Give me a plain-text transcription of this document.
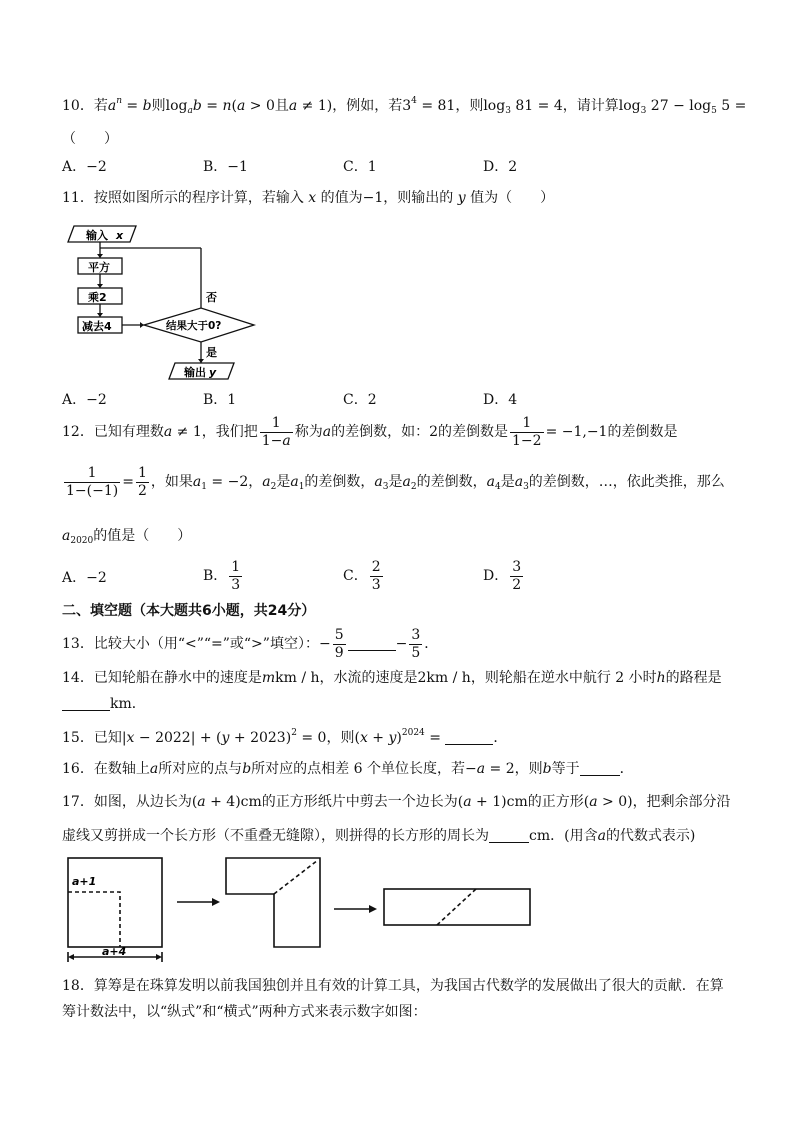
10．若$a^n = b$则$\log_ab = n(a > 0$且a ≠ 1)，例如，若$3^4 = 81$，则$\log_3 81 = 4$，请计算$\log_3 27 - \log_5 5$ =
（　　）
A．−2	B．−1	C．1	D．2
11．按照如图所示的程序计算，若输入 x 的值为−1，则输出的 y 值为（　　）
输入 x
平方
乘2
减去4	结果大于0?
否
是
输出 y
A．−2	B．1	C．2	D．4
12．已知有理数a ≠ 1，我们把 $\frac{1}{1-a}$ 称为a的差倒数，如：2的差倒数是 $\frac{1}{1-2} = -1,-1$的差倒数是
$\frac{1}{1-(-1)} = \frac{1}{2}$ ，如果$a_1 = -2$，$a_2$是$a_1$的差倒数，$a_3$是$a_2$的差倒数，$a_4$是$a_3$的差倒数，…，依此类推，那么
$a_{2020}$的值是（　　）
A．−2	B． $\frac{1}{3}$	C． $\frac{2}{3}$	D． $\frac{3}{2}$
二、填空题（本大题共6小题，共24分）
13．比较大小（用“<”“=”或“>”填空）：− $\frac{5}{9}$	− $\frac{3}{5}$ ．
14．已知轮船在静水中的速度是mkm / h，水流的速度是2km / h，则轮船在逆水中航行 2 小时h的路程是
km．
15．已知$|x - 2022| + (y + 2023)^2 = 0$，则$(x + y)^{2024}$ =	．
16．在数轴上a所对应的点与b所对应的点相差 6 个单位长度，若−a = 2，则b等于	．
17．如图，从边长为(a + 4)cm的正方形纸片中剪去一个边长为(a + 1)cm的正方形(a > 0)，把剩余部分沿
虚线又剪拼成一个长方形（不重叠无缝隙），则拼得的长方形的周长为	cm．(用含a的代数式表示)
a+1
a+4
18．算筹是在珠算发明以前我国独创并且有效的计算工具，为我国古代数学的发展做出了很大的贡献．在算
筹计数法中，以“纵式”和“横式”两种方式来表示数字如图：
